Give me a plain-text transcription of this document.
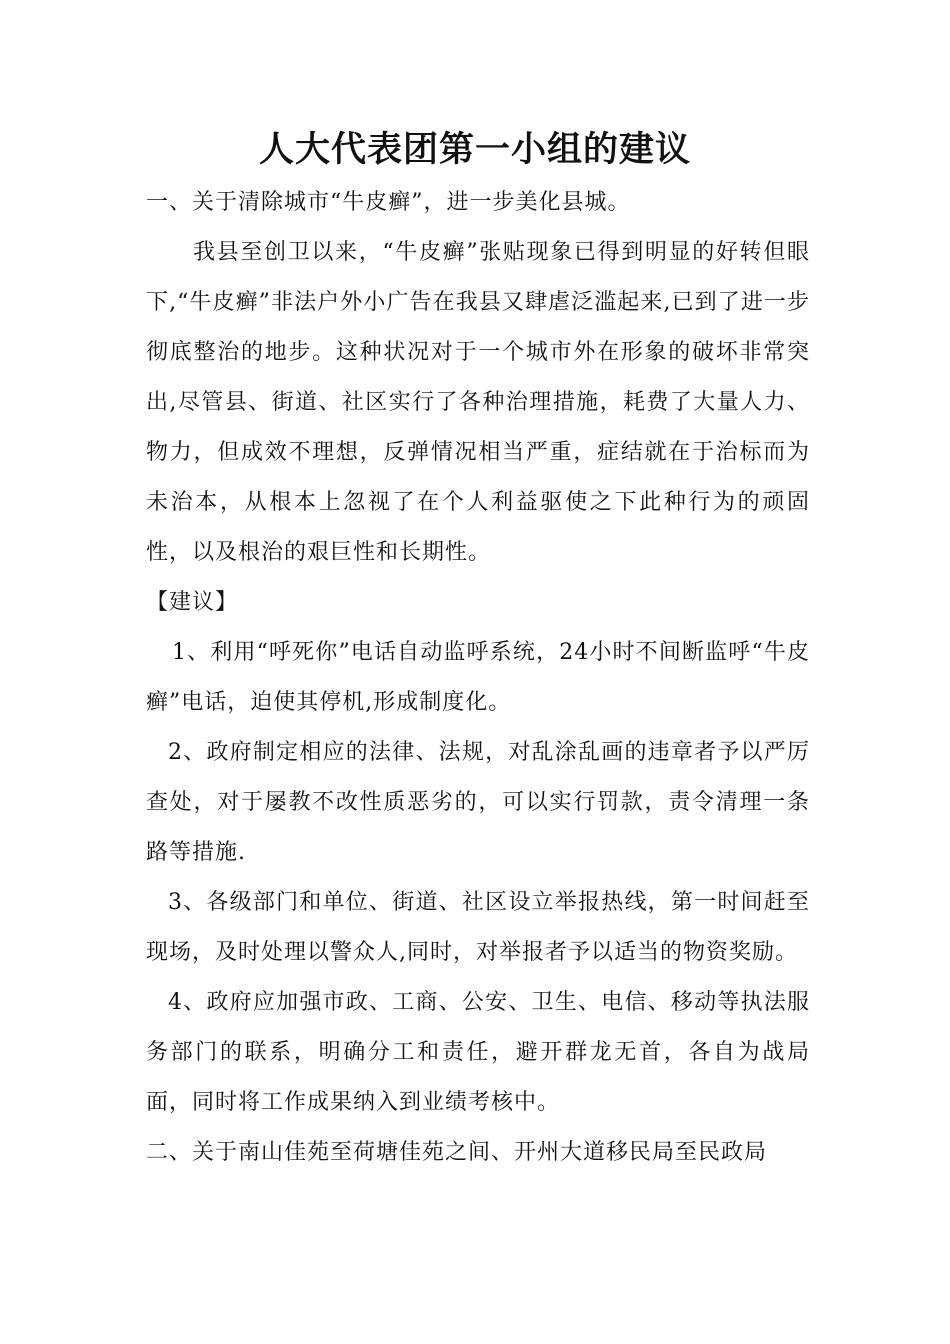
人大代表团第一小组的建议

一、关于清除城市“牛皮癣”，进一步美化县城。

我县至创卫以来，“牛皮癣”张贴现象已得到明显的好转但眼下,“牛皮癣”非法户外小广告在我县又肆虐泛滥起来,已到了进一步彻底整治的地步。这种状况对于一个城市外在形象的破坏非常突出,尽管县、街道、社区实行了各种治理措施，耗费了大量人力、物力，但成效不理想，反弹情况相当严重，症结就在于治标而为未治本，从根本上忽视了在个人利益驱使之下此种行为的顽固性，以及根治的艰巨性和长期性。

【建议】

1、利用“呼死你”电话自动监呼系统，24小时不间断监呼“牛皮癣”电话，迫使其停机,形成制度化。

2、政府制定相应的法律、法规，对乱涂乱画的违章者予以严厉查处，对于屡教不改性质恶劣的，可以实行罚款，责令清理一条路等措施.

3、各级部门和单位、街道、社区设立举报热线，第一时间赶至现场，及时处理以警众人,同时，对举报者予以适当的物资奖励。

4、政府应加强市政、工商、公安、卫生、电信、移动等执法服务部门的联系，明确分工和责任，避开群龙无首，各自为战局面，同时将工作成果纳入到业绩考核中。

二、关于南山佳苑至荷塘佳苑之间、开州大道移民局至民政局
